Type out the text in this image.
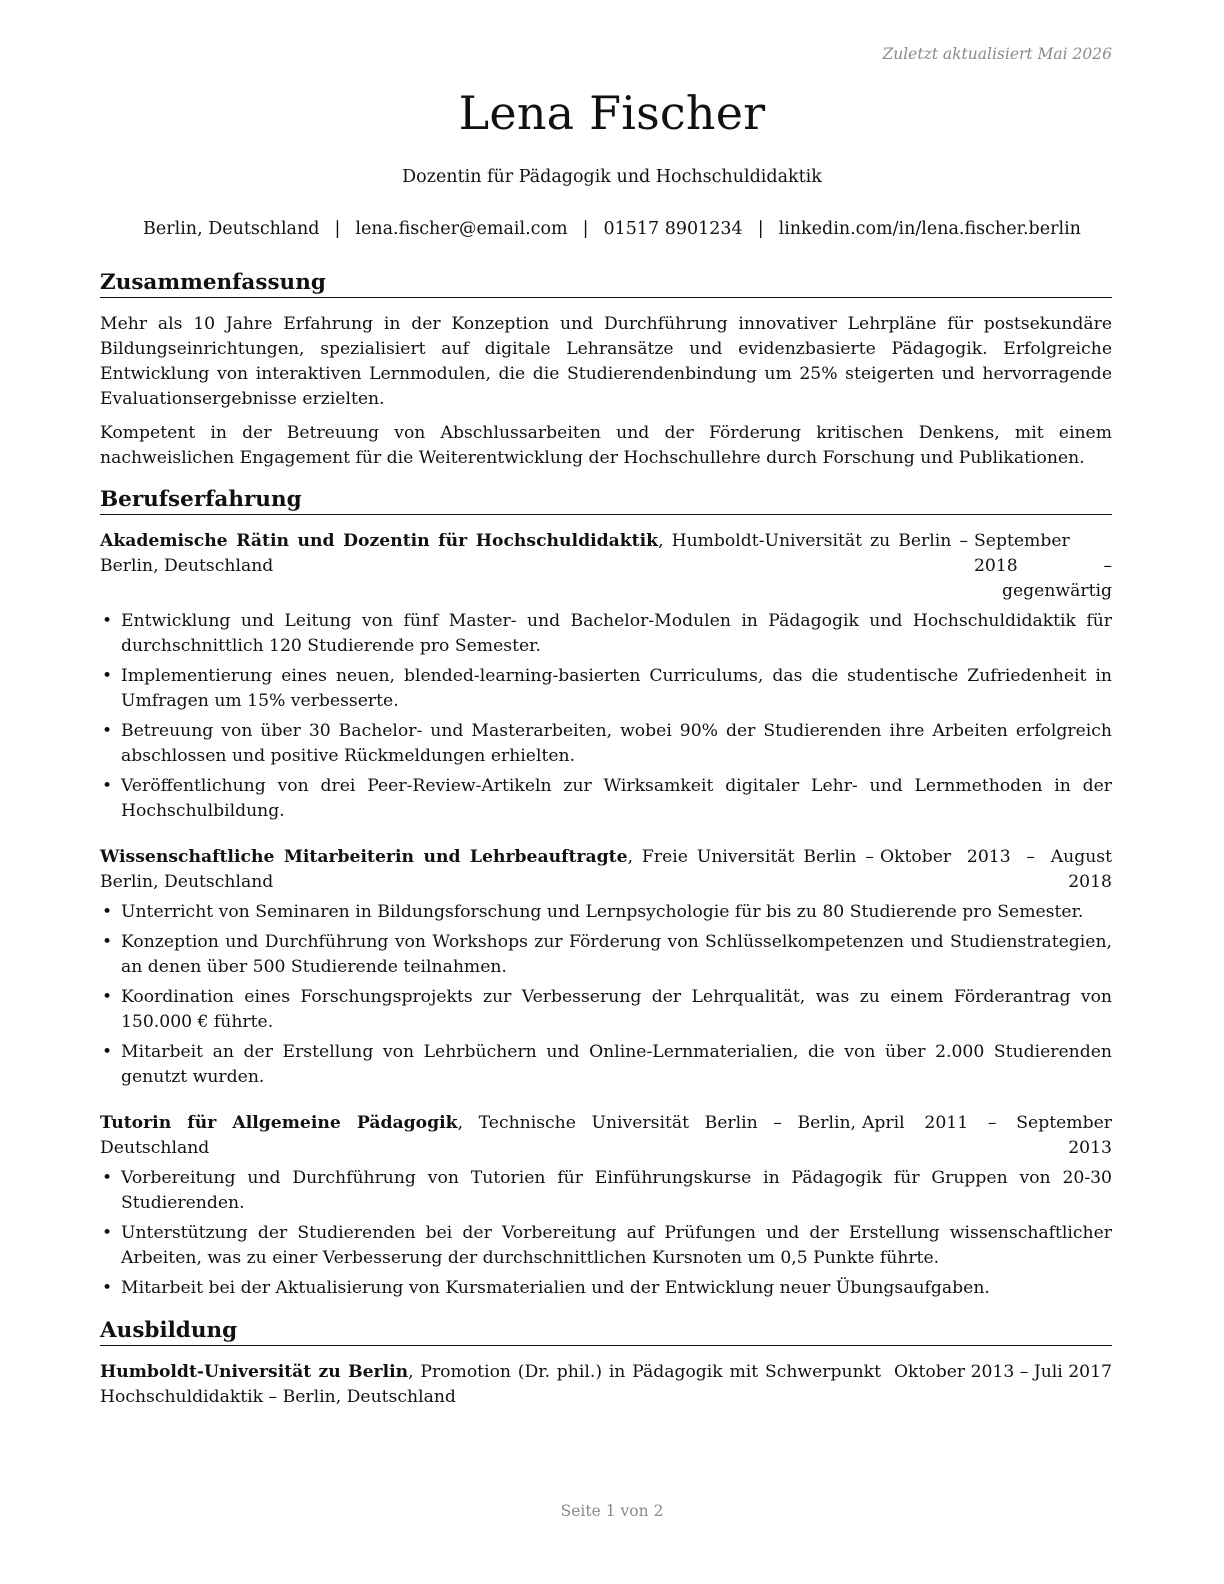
Zuletzt aktualisiert Mai 2026
Lena Fischer
Dozentin für Pädagogik und Hochschuldidaktik
Berlin, Deutschland | lena.fischer@email.com | 01517 8901234 | linkedin.com/in/lena.fischer.berlin
Zusammenfassung

Mehr als 10 Jahre Erfahrung in der Konzeption und Durchführung innovativer Lehrpläne für postsekundäre Bildungseinrichtungen, spezialisiert auf digitale Lehransätze und evidenzbasierte Pädagogik. Erfolgreiche Entwicklung von interaktiven Lernmodulen, die die Studierendenbindung um 25% steigerten und hervorragende Evaluationsergebnisse erzielten.

Kompetent in der Betreuung von Abschlussarbeiten und der Förderung kritischen Denkens, mit einem nachweislichen Engagement für die Weiterentwicklung der Hochschullehre durch Forschung und Publikationen.

Berufserfahrung
Akademische Rätin und Dozentin für Hochschuldidaktik, Humboldt-Universität zu Berlin – Berlin, Deutschland
September 2018 – gegenwärtig
• Entwicklung und Leitung von fünf Master- und Bachelor-Modulen in Pädagogik und Hochschuldidaktik für durchschnittlich 120 Studierende pro Semester.
• Implementierung eines neuen, blended-learning-basierten Curriculums, das die studentische Zufriedenheit in Umfragen um 15% verbesserte.
• Betreuung von über 30 Bachelor- und Masterarbeiten, wobei 90% der Studierenden ihre Arbeiten erfolgreich abschlossen und positive Rückmeldungen erhielten.
• Veröffentlichung von drei Peer-Review-Artikeln zur Wirksamkeit digitaler Lehr- und Lernmethoden in der Hochschulbildung.
Wissenschaftliche Mitarbeiterin und Lehrbeauftragte, Freie Universität Berlin – Berlin, Deutschland
Oktober 2013 – August 2018
• Unterricht von Seminaren in Bildungsforschung und Lernpsychologie für bis zu 80 Studierende pro Semester.
• Konzeption und Durchführung von Workshops zur Förderung von Schlüsselkompetenzen und Studienstrategien, an denen über 500 Studierende teilnahmen.
• Koordination eines Forschungsprojekts zur Verbesserung der Lehrqualität, was zu einem Förderantrag von 150.000 € führte.
• Mitarbeit an der Erstellung von Lehrbüchern und Online-Lernmaterialien, die von über 2.000 Studierenden genutzt wurden.
Tutorin für Allgemeine Pädagogik, Technische Universität Berlin – Berlin, Deutschland
April 2011 – September 2013
• Vorbereitung und Durchführung von Tutorien für Einführungskurse in Pädagogik für Gruppen von 20-30 Studierenden.
• Unterstützung der Studierenden bei der Vorbereitung auf Prüfungen und der Erstellung wissenschaftlicher Arbeiten, was zu einer Verbesserung der durchschnittlichen Kursnoten um 0,5 Punkte führte.
• Mitarbeit bei der Aktualisierung von Kursmaterialien und der Entwicklung neuer Übungsaufgaben.
Ausbildung
Humboldt-Universität zu Berlin, Promotion (Dr. phil.) in Pädagogik mit Schwerpunkt Hochschuldidaktik – Berlin, Deutschland
Oktober 2013 – Juli 2017
Seite 1 von 2
